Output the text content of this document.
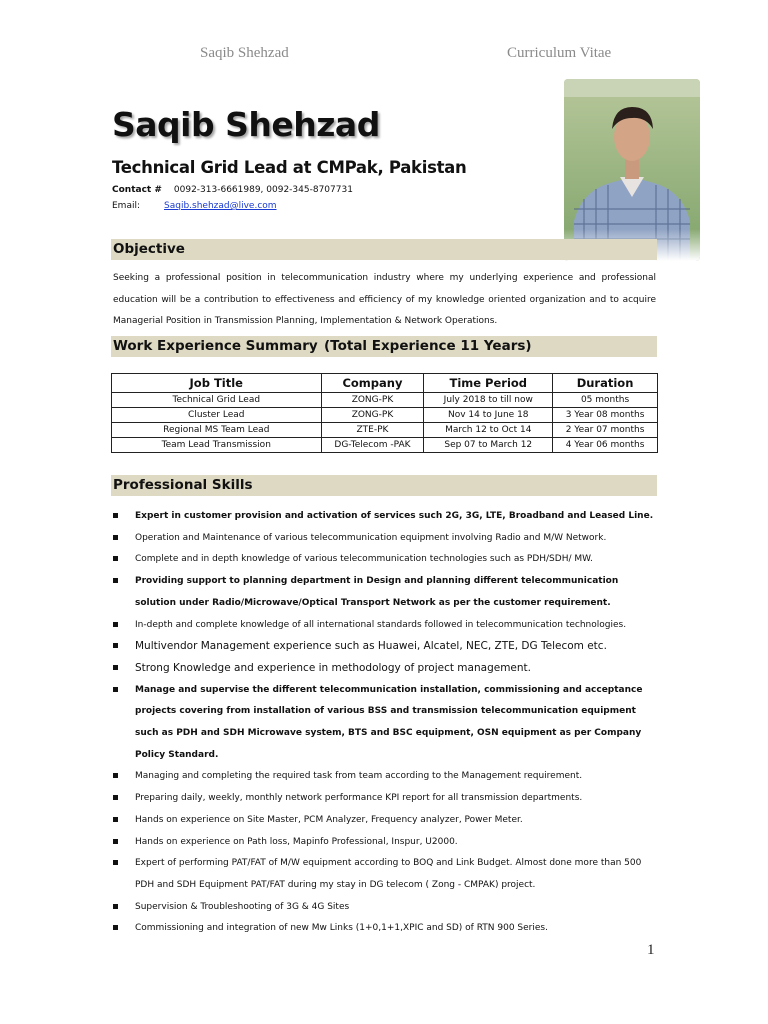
Saqib Shehzad	Curriculum Vitae
Saqib Shehzad
Technical Grid Lead at CMPak, Pakistan
Contact # 0092-313-6661989, 0092-345-8707731
Email:	Saqib.shehzad@live.com
Objective
Seeking a professional position in telecommunication industry where my underlying experience and professional education will be a contribution to effectiveness and efficiency of my knowledge oriented organization and to acquire Managerial Position in Transmission Planning, Implementation & Network Operations.
Work Experience Summary (Total Experience 11 Years)
Job Title	Company	Time Period	Duration
Technical Grid Lead	ZONG-PK	July 2018 to till now	05 months
Cluster Lead	ZONG-PK	Nov 14 to June 18	3 Year 08 months
Regional MS Team Lead	ZTE-PK	March 12 to Oct 14	2 Year 07 months
Team Lead Transmission	DG-Telecom -PAK	Sep 07 to March 12	4 Year 06 months
Professional Skills
Expert in customer provision and activation of services such 2G, 3G, LTE, Broadband and Leased Line.
Operation and Maintenance of various telecommunication equipment involving Radio and M/W Network.
Complete and in depth knowledge of various telecommunication technologies such as PDH/SDH/ MW.
Providing support to planning department in Design and planning different telecommunication solution under Radio/Microwave/Optical Transport Network as per the customer requirement.
In-depth and complete knowledge of all international standards followed in telecommunication technologies.
Multivendor Management experience such as Huawei, Alcatel, NEC, ZTE, DG Telecom etc.
Strong Knowledge and experience in methodology of project management.
Manage and supervise the different telecommunication installation, commissioning and acceptance projects covering from installation of various BSS and transmission telecommunication equipment such as PDH and SDH Microwave system, BTS and BSC equipment, OSN equipment as per Company Policy Standard.
Managing and completing the required task from team according to the Management requirement.
Preparing daily, weekly, monthly network performance KPI report for all transmission departments.
Hands on experience on Site Master, PCM Analyzer, Frequency analyzer, Power Meter.
Hands on experience on Path loss, Mapinfo Professional, Inspur, U2000.
Expert of performing PAT/FAT of M/W equipment according to BOQ and Link Budget. Almost done more than 500 PDH and SDH Equipment PAT/FAT during my stay in DG telecom ( Zong - CMPAK) project.
Supervision & Troubleshooting of 3G & 4G Sites
Commissioning and integration of new Mw Links (1+0,1+1,XPIC and SD) of RTN 900 Series.
1
